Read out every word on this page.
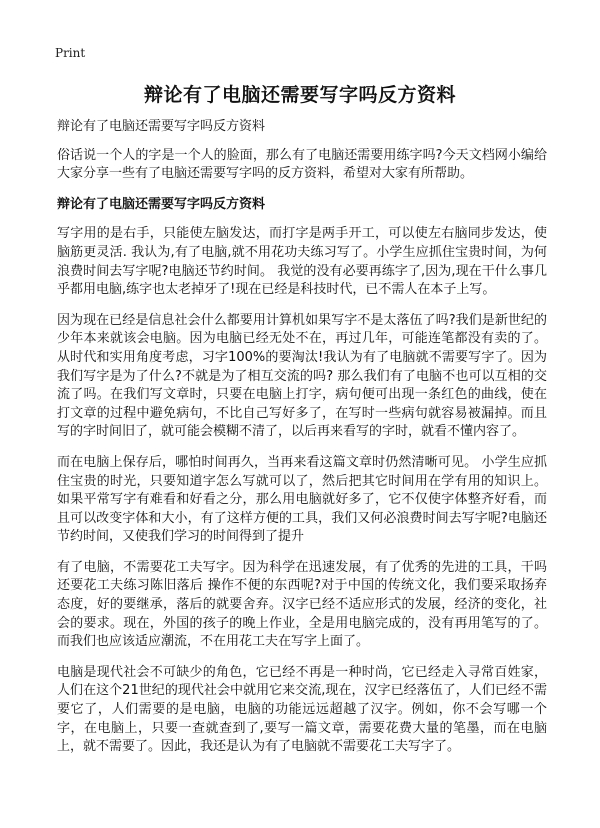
Print
辩论有了电脑还需要写字吗反方资料

辩论有了电脑还需要写字吗反方资料

俗话说一个人的字是一个人的脸面，那么有了电脑还需要用练字吗?今天文档网小编给大家分享一些有了电脑还需要写字吗的反方资料，希望对大家有所帮助。

辩论有了电脑还需要写字吗反方资料

写字用的是右手，只能使左脑发达，而打字是两手开工，可以使左右脑同步发达，使脑筋更灵活. 我认为,有了电脑,就不用花功夫练习写了。小学生应抓住宝贵时间，为何浪费时间去写字呢?电脑还节约时间。 我觉的没有必要再练字了,因为,现在干什么事几乎都用电脑,练字也太老掉牙了!现在已经是科技时代，已不需人在本子上写。

因为现在已经是信息社会什么都要用计算机如果写字不是太落伍了吗?我们是新世纪的少年本来就该会电脑。因为电脑已经无处不在，再过几年，可能连笔都没有卖的了。从时代和实用角度考虑，习字100%的要淘汰!我认为有了电脑就不需要写字了。因为我们写字是为了什么?不就是为了相互交流的吗? 那么我们有了电脑不也可以互相的交流了吗。在我们写文章时，只要在电脑上打字，病句便可出现一条红色的曲线，使在打文章的过程中避免病句，不比自己写好多了，在写时一些病句就容易被漏掉。而且写的字时间旧了，就可能会模糊不清了，以后再来看写的字时，就看不懂内容了。

而在电脑上保存后，哪怕时间再久，当再来看这篇文章时仍然清晰可见。 小学生应抓住宝贵的时光，只要知道字怎么写就可以了，然后把其它时间用在学有用的知识上。如果平常写字有难看和好看之分，那么用电脑就好多了，它不仅使字体整齐好看，而且可以改变字体和大小，有了这样方便的工具，我们又何必浪费时间去写字呢?电脑还节约时间，又使我们学习的时间得到了提升

有了电脑，不需要花工夫写字。因为科学在迅速发展，有了优秀的先进的工具，干吗还要花工夫练习陈旧落后 操作不便的东西呢?对于中国的传统文化，我们要采取扬弃态度，好的要继承，落后的就要舍弃。汉字已经不适应形式的发展，经济的变化，社会的要求。现在，外国的孩子的晚上作业，全是用电脑完成的，没有再用笔写的了。而我们也应该适应潮流，不在用花工夫在写字上面了。

电脑是现代社会不可缺少的角色，它已经不再是一种时尚，它已经走入寻常百姓家，人们在这个21世纪的现代社会中就用它来交流,现在，汉字已经落伍了，人们已经不需要它了，人们需要的是电脑，电脑的功能远远超越了汉字。例如，你不会写哪一个字，在电脑上，只要一查就查到了,要写一篇文章，需要花费大量的笔墨，而在电脑上，就不需要了。因此，我还是认为有了电脑就不需要花工夫写字了。
